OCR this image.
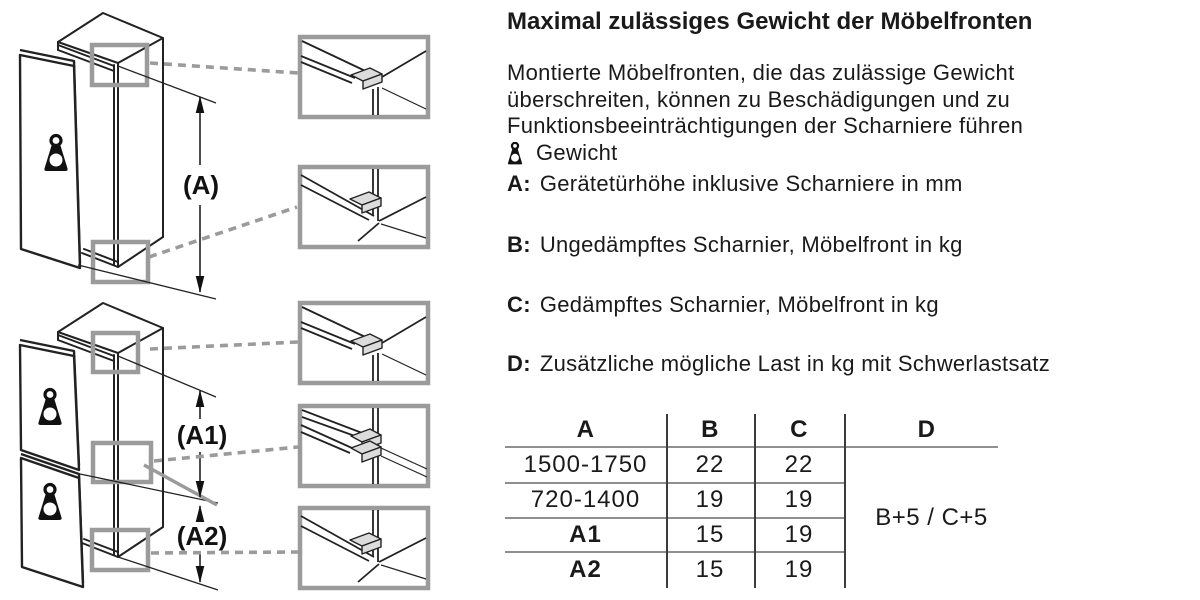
(A)
(A1)
(A2)
Maximal zulässiges Gewicht der Möbelfronten
Montierte Möbelfronten, die das zulässige Gewicht
überschreiten, können zu Beschädigungen und zu
Funktionsbeeinträchtigungen der Scharniere führen
Gewicht
A: Gerätetürhöhe inklusive Scharniere in mm
B: Ungedämpftes Scharnier, Möbelfront in kg
C: Gedämpftes Scharnier, Möbelfront in kg
D: Zusätzliche mögliche Last in kg mit Schwerlastsatz
A	B	C	D
1500-1750	22	22
720-1400	19	19
A1	15	19
A2	15	19
B+5 / C+5
